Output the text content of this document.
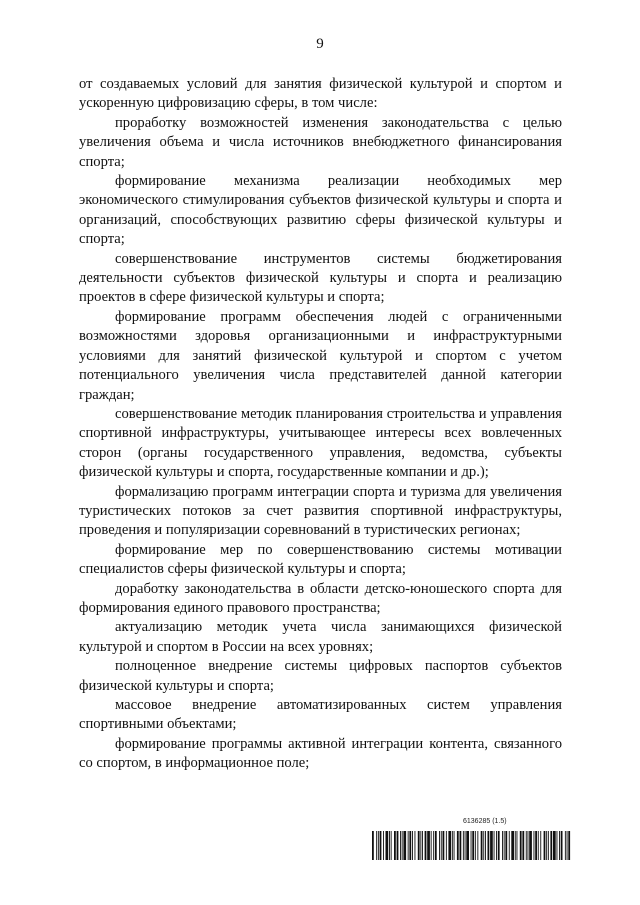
9

от создаваемых условий для занятия физической культурой и спортом и ускоренную цифровизацию сферы, в том числе:

проработку возможностей изменения законодательства с целью увеличения объема и числа источников внебюджетного финансирования спорта;

формирование механизма реализации необходимых мер экономического стимулирования субъектов физической культуры и спорта и организаций, способствующих развитию сферы физической культуры и спорта;

совершенствование инструментов системы бюджетирования деятельности субъектов физической культуры и спорта и реализацию проектов в сфере физической культуры и спорта;

формирование программ обеспечения людей с ограниченными возможностями здоровья организационными и инфраструктурными условиями для занятий физической культурой и спортом с учетом потенциального увеличения числа представителей данной категории граждан;

совершенствование методик планирования строительства и управления спортивной инфраструктуры, учитывающее интересы всех вовлеченных сторон (органы государственного управления, ведомства, субъекты физической культуры и спорта, государственные компании и др.);

формализацию программ интеграции спорта и туризма для увеличения туристических потоков за счет развития спортивной инфраструктуры, проведения и популяризации соревнований в туристических регионах;

формирование мер по совершенствованию системы мотивации специалистов сферы физической культуры и спорта;

доработку законодательства в области детско-юношеского спорта для формирования единого правового пространства;

актуализацию методик учета числа занимающихся физической культурой и спортом в России на всех уровнях;

полноценное внедрение системы цифровых паспортов субъектов физической культуры и спорта;

массовое внедрение автоматизированных систем управления спортивными объектами;

формирование программы активной интеграции контента, связанного со спортом, в информационное поле;

6136285 (1.5)
